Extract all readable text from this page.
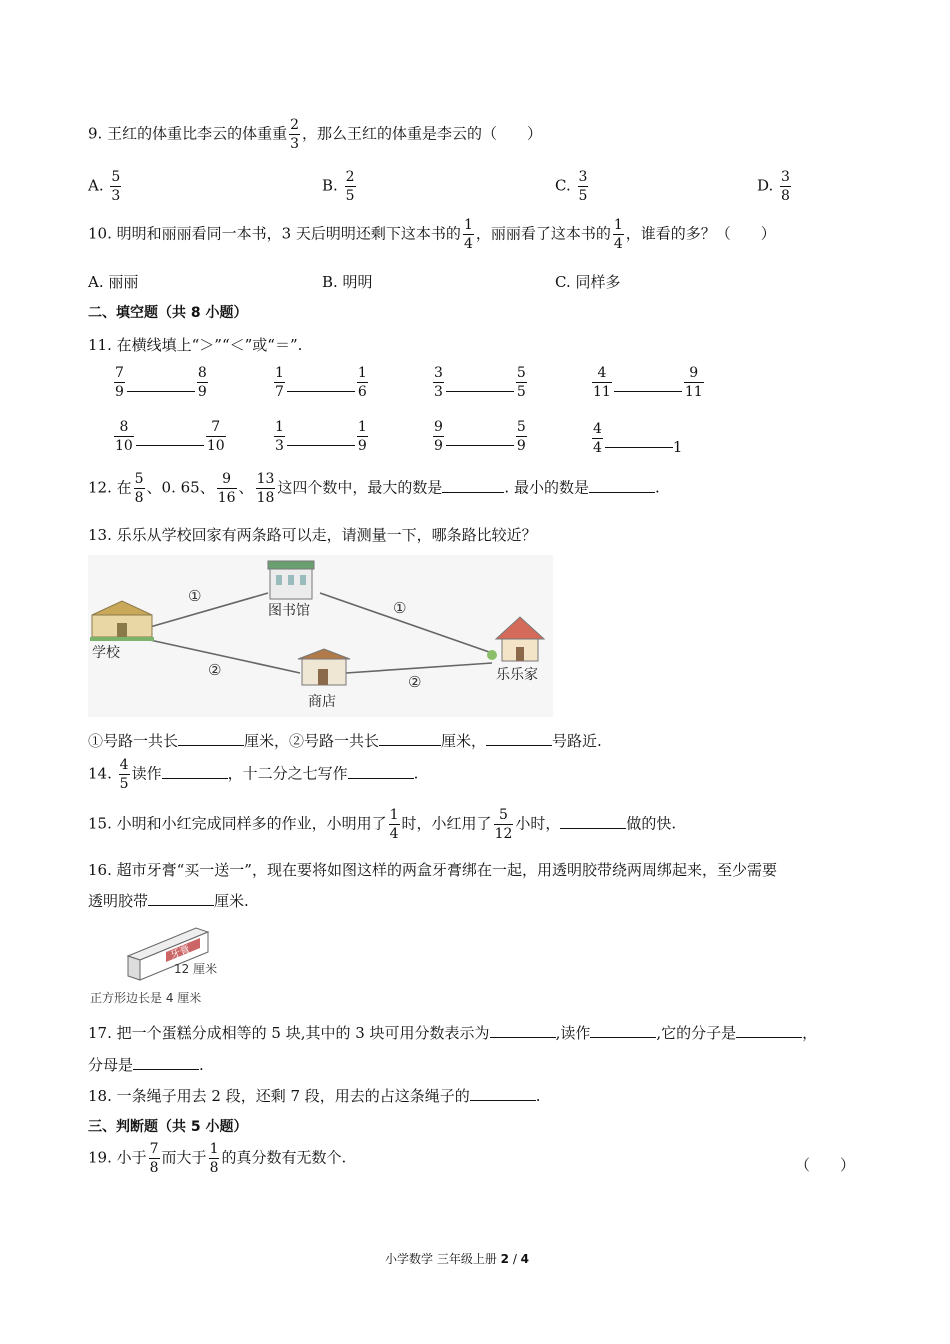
9. 王红的体重比李云的体重重 $\frac{2}{3}$ ，那么王红的体重是李云的（　　）
A. $\frac{5}{3}$	B. $\frac{2}{5}$	C. $\frac{3}{5}$	D. $\frac{3}{8}$
10. 明明和丽丽看同一本书，3 天后明明还剩下这本书的 $\frac{1}{4}$ ，丽丽看了这本书的 $\frac{1}{4}$ ，谁看的多？（　　）
A. 丽丽	B. 明明	C. 同样多
二、填空题（共 8 小题）
11. 在横线填上“＞”“＜”或“＝”.
$\frac{7}{9}$	$\frac{8}{9}$	$\frac{1}{7}$	$\frac{1}{6}$	$\frac{3}{3}$	$\frac{5}{5}$	$\frac{4}{11}$	$\frac{9}{11}$
$\frac{8}{10}$	$\frac{7}{10}$	$\frac{1}{3}$	$\frac{1}{9}$	$\frac{9}{9}$	$\frac{5}{9}$	$\frac{4}{4}$	1
12. 在 $\frac{5}{8}$ 、0. 65、 $\frac{9}{16}$ 、 $\frac{13}{18}$ 这四个数中，最大的数是	. 最小的数是	.
13. 乐乐从学校回家有两条路可以走，请测量一下，哪条路比较近？
①
①
②
②
图书馆
学校
商店
乐乐家
①号路一共长	厘米，②号路一共长	厘米，	号路近.
14. $\frac{4}{5}$ 读作	，十二分之七写作	.
15. 小明和小红完成同样多的作业，小明用了 $\frac{1}{4}$ 时，小红用了 $\frac{5}{12}$ 小时，	做的快.
16. 超市牙膏“买一送一”，现在要将如图这样的两盒牙膏绑在一起，用透明胶带绕两周绑起来，至少需要
透明胶带	厘米.
牙膏
12 厘米
正方形边长是 4 厘米
17. 把一个蛋糕分成相等的 5 块,其中的 3 块可用分数表示为	,读作	,它的分子是	，
分母是	.
18. 一条绳子用去 2 段，还剩 7 段，用去的占这条绳子的	.
三、判断题（共 5 小题）
19. 小于 $\frac{7}{8}$ 而大于 $\frac{1}{8}$ 的真分数有无数个.	（　　）
小学数学 三年级上册 2 / 4
